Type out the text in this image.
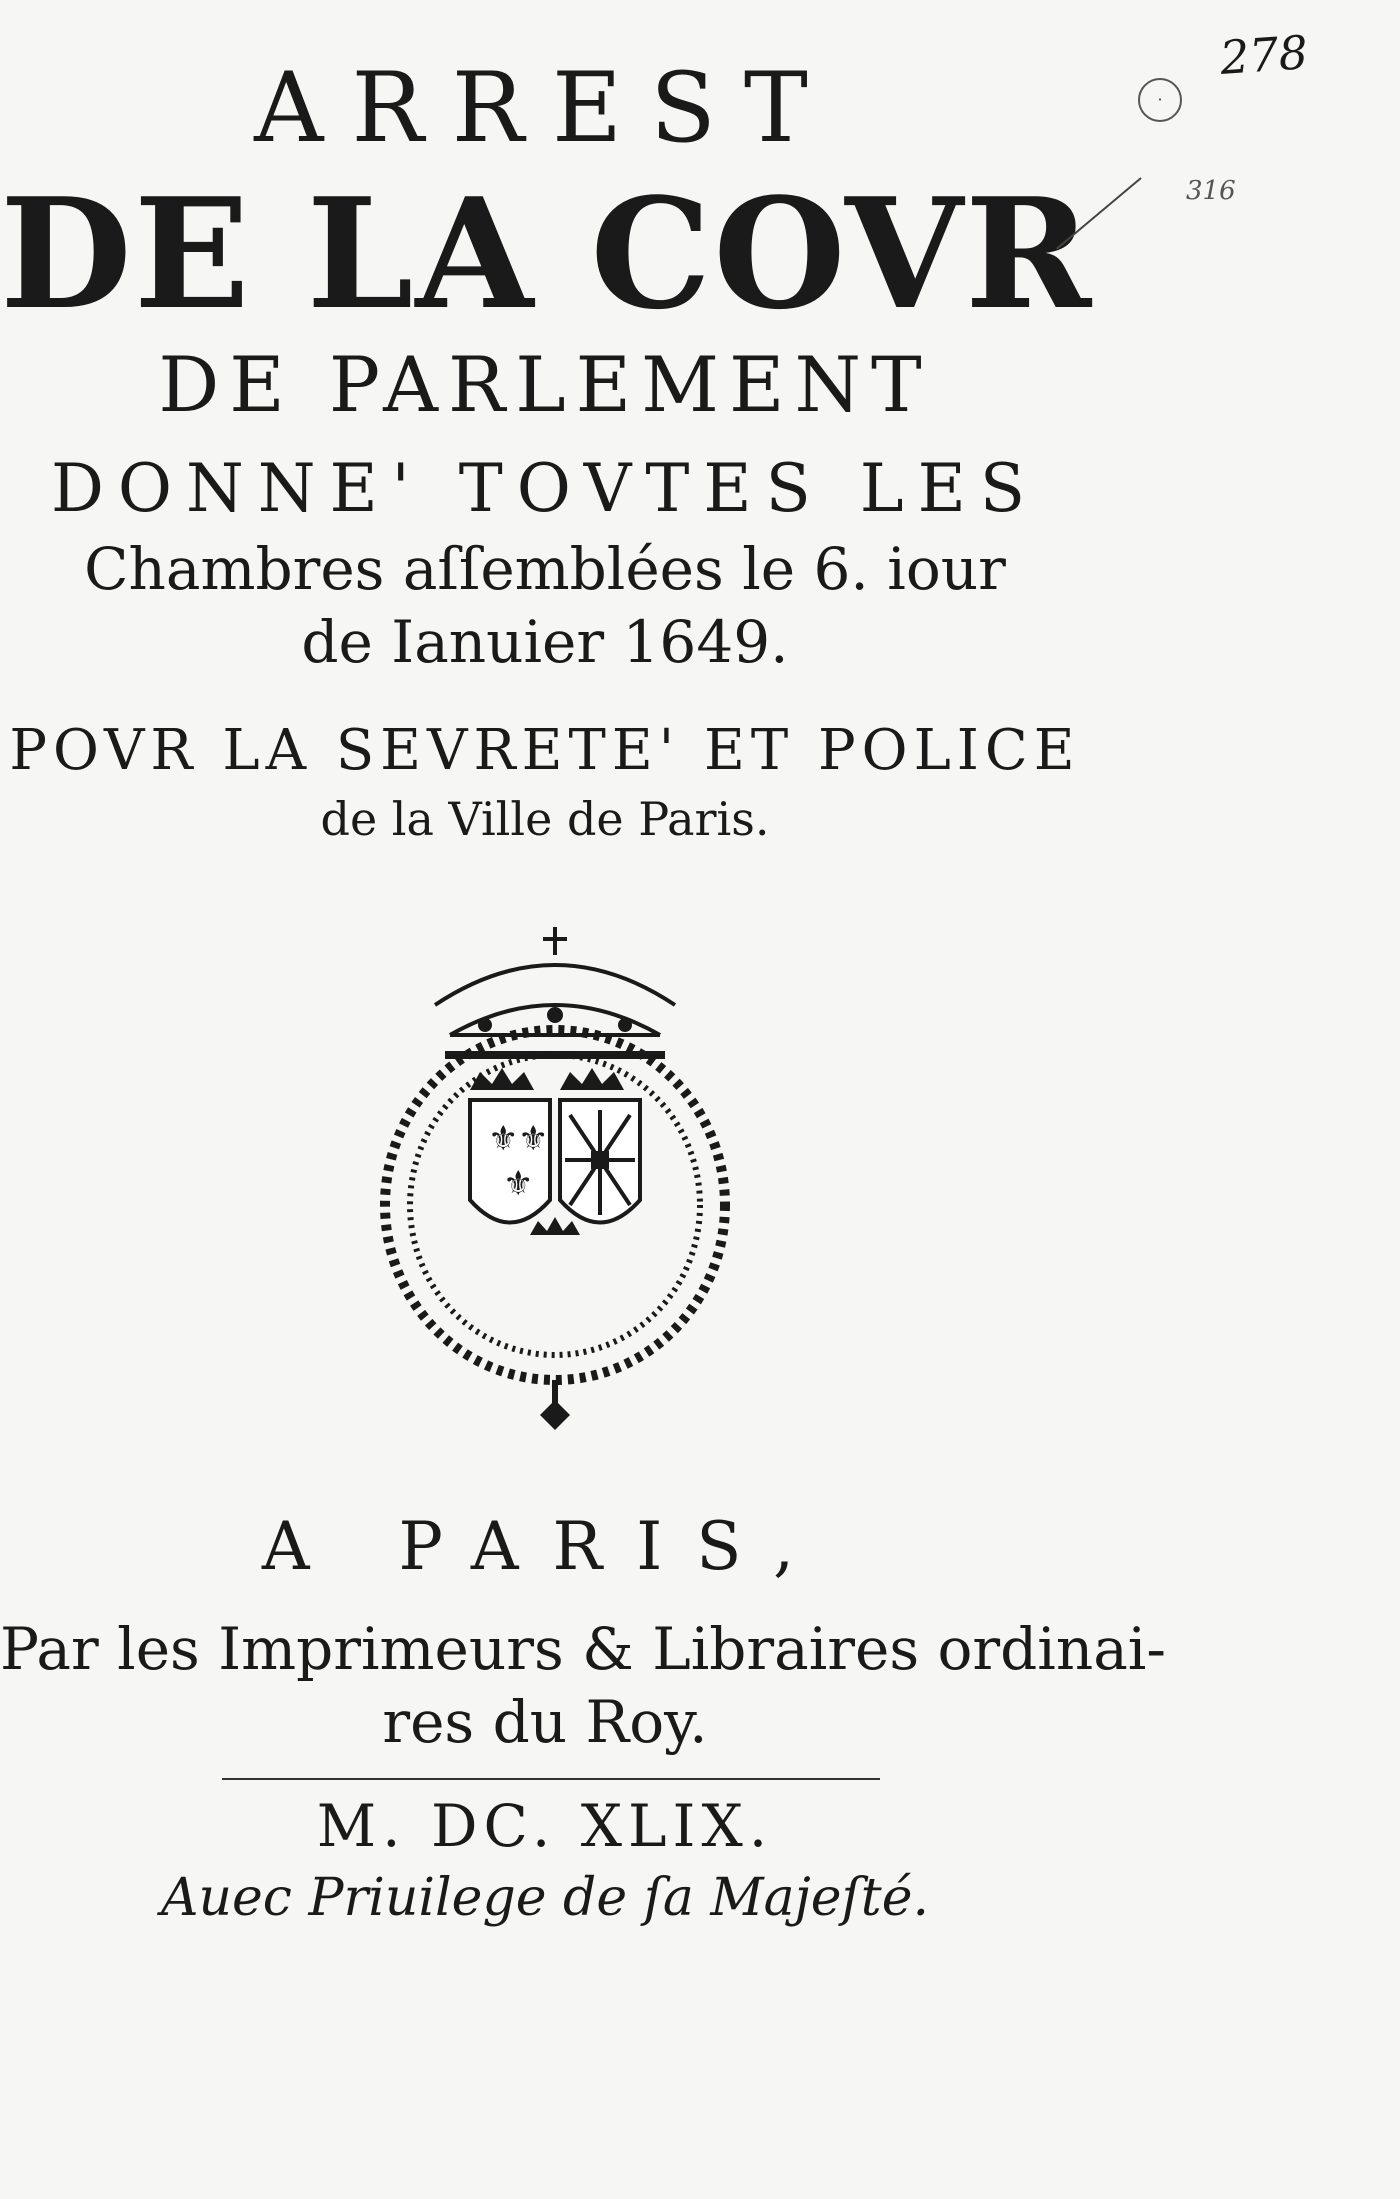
ARREST
DE LA COVR
DE PARLEMENT
DONNE' TOVTES LES
Chambres aſſemblées le 6. iour
de Ianuier 1649.
POVR LA SEVRETE' ET POLICE
de la Ville de Paris.
⚜ ⚜
⚜
A PARIS,
Par les Imprimeurs & Libraires ordinai-
res du Roy.
M. DC. XLIX.
Auec Priuilege de ſa Majeſté.
278
·
316
